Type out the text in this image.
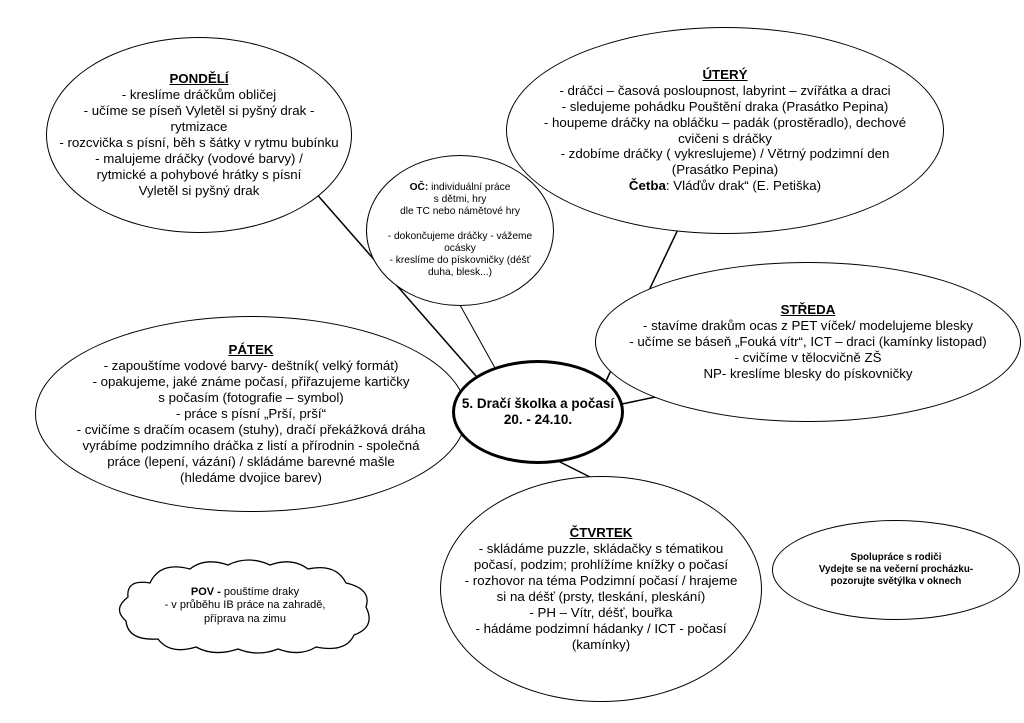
PONDĚLÍ
- kreslíme dráčkům obličej
- učíme se píseň Vyletěl si pyšný drak -
rytmizace
- rozcvička s písní, běh s šátky v rytmu bubínku
- malujeme dráčky (vodové barvy) /
rytmické a pohybové hrátky s písní
Vyletěl si pyšný drak
ÚTERÝ
- dráčci – časová posloupnost, labyrint – zvířátka a draci
- sledujeme pohádku Pouštění draka (Prasátko Pepina)
- houpeme dráčky na obláčku – padák (prostěradlo), dechové
cvičeni s dráčky
- zdobíme dráčky ( vykreslujeme) / Větrný podzimní den
(Prasátko Pepina)
Četba: Vláďův drak“ (E. Petiška)
OČ: individuální práce
s dětmi, hry
dle TC nebo námětové hry

- dokončujeme dráčky - vážeme
ocásky
- kreslíme do pískovničky (déšť
duha, blesk...)
STŘEDA
- stavíme drakům ocas z PET víček/ modelujeme blesky
- učíme se báseň „Fouká vítr“, ICT – draci (kamínky listopad)
- cvičíme v tělocvičně ZŠ
NP- kreslíme blesky do pískovničky
PÁTEK
- zapouštíme vodové barvy- deštník( velký formát)
- opakujeme, jaké známe počasí, přiřazujeme kartičky
s počasím (fotografie – symbol)
- práce s písní „Prší, prší“
- cvičíme s dračím ocasem (stuhy), dračí překážková dráha
vyrábíme podzimního dráčka z listí a přírodnin - společná
práce (lepení, vázání) / skládáme barevné mašle
(hledáme dvojice barev)
ČTVRTEK
- skládáme puzzle, skládačky s tématikou
počasí, podzim; prohlížíme knížky o počasí
- rozhovor na téma Podzimní počasí / hrajeme
si na déšť (prsty, tleskání, pleskání)
- PH – Vítr, déšť, bouřka
- hádáme podzimní hádanky / ICT - počasí
(kamínky)
5. Dračí školka a počasí
20. - 24.10.
POV - pouštíme draky
- v průběhu IB práce na zahradě,
příprava na zimu
Spolupráce s rodiči
Vydejte se na večerní procházku-
pozorujte světýlka v oknech
